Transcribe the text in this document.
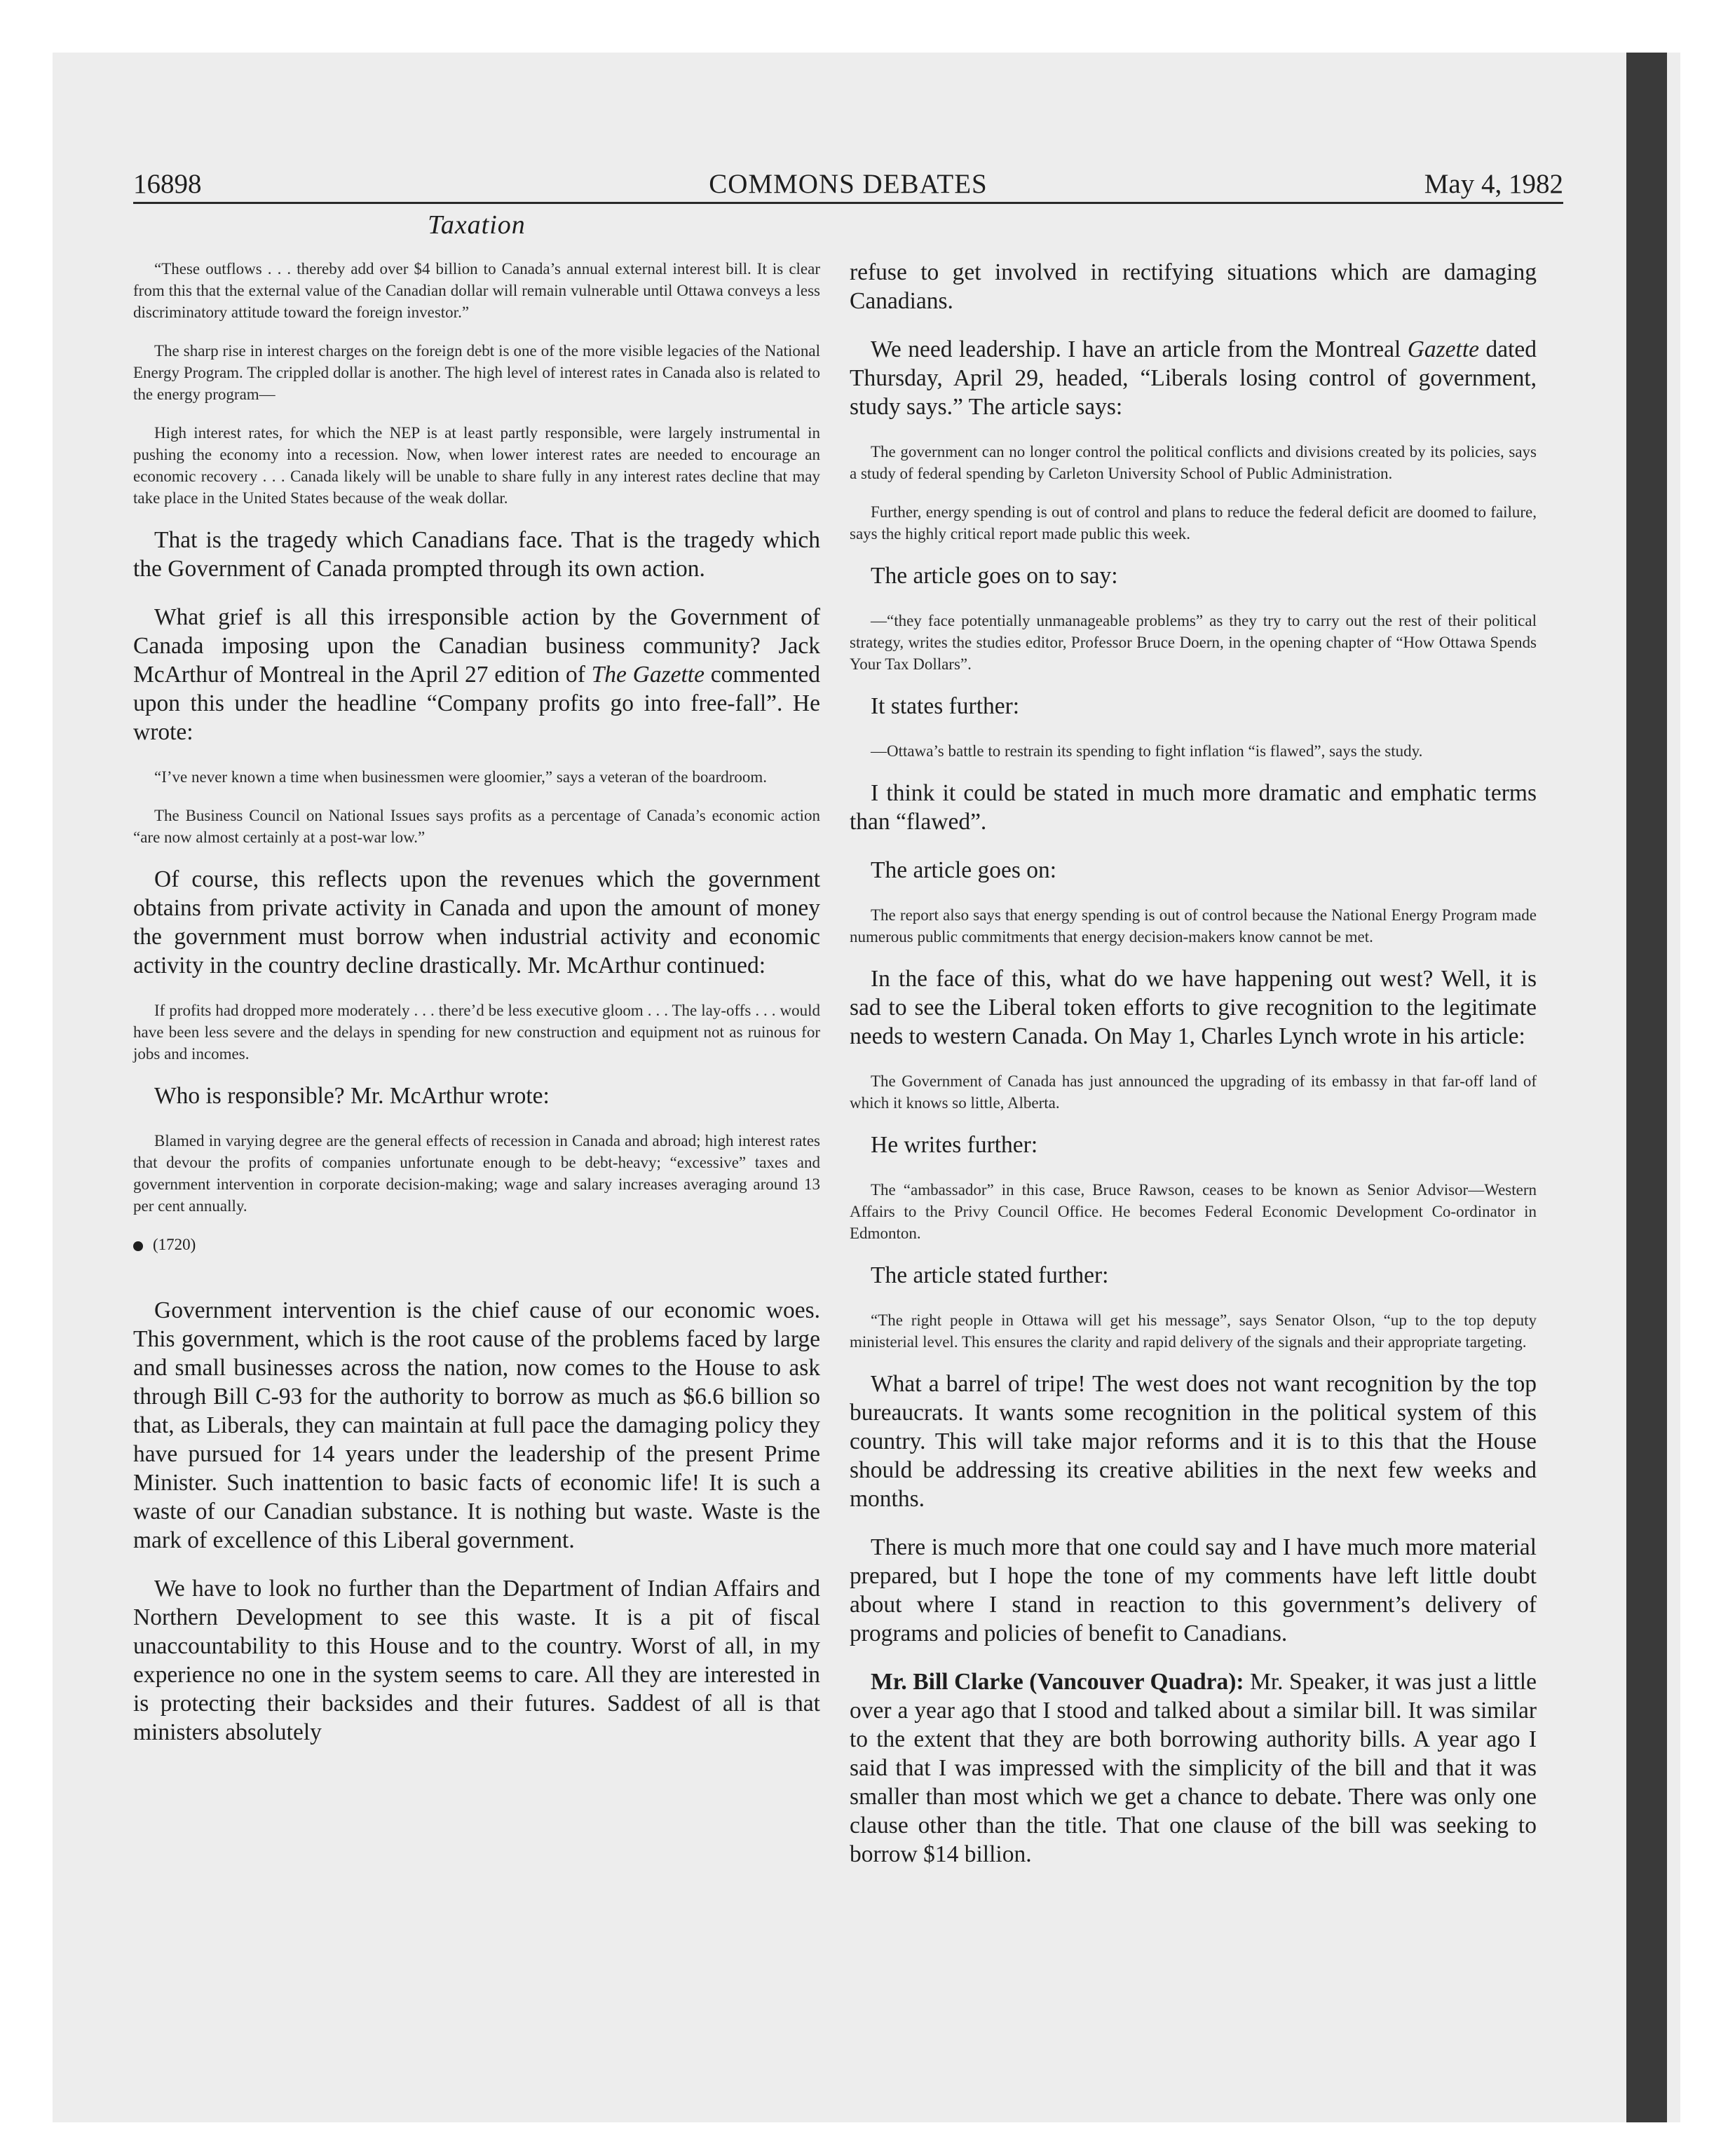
16898	COMMONS DEBATES	May 4, 1982
Taxation

“These outflows . . . thereby add over $4 billion to Canada’s annual external interest bill. It is clear from this that the external value of the Canadian dollar will remain vulnerable until Ottawa conveys a less discriminatory attitude toward the foreign investor.”

The sharp rise in interest charges on the foreign debt is one of the more visible legacies of the National Energy Program. The crippled dollar is another. The high level of interest rates in Canada also is related to the energy program—

High interest rates, for which the NEP is at least partly responsible, were largely instrumental in pushing the economy into a recession. Now, when lower interest rates are needed to encourage an economic recovery . . . Canada likely will be unable to share fully in any interest rates decline that may take place in the United States because of the weak dollar.

That is the tragedy which Canadians face. That is the tragedy which the Government of Canada prompted through its own action.

What grief is all this irresponsible action by the Government of Canada imposing upon the Canadian business community? Jack McArthur of Montreal in the April 27 edition of The Gazette commented upon this under the headline “Company profits go into free-fall”. He wrote:

“I’ve never known a time when businessmen were gloomier,” says a veteran of the boardroom.

The Business Council on National Issues says profits as a percentage of Canada’s economic action “are now almost certainly at a post-war low.”

Of course, this reflects upon the revenues which the government obtains from private activity in Canada and upon the amount of money the government must borrow when industrial activity and economic activity in the country decline drastically. Mr. McArthur continued:

If profits had dropped more moderately . . . there’d be less executive gloom . . . The lay-offs . . . would have been less severe and the delays in spending for new construction and equipment not as ruinous for jobs and incomes.

Who is responsible? Mr. McArthur wrote:

Blamed in varying degree are the general effects of recession in Canada and abroad; high interest rates that devour the profits of companies unfortunate enough to be debt-heavy; “excessive” taxes and government intervention in corporate decision-making; wage and salary increases averaging around 13 per cent annually.

(1720)

Government intervention is the chief cause of our economic woes. This government, which is the root cause of the problems faced by large and small businesses across the nation, now comes to the House to ask through Bill C-93 for the authority to borrow as much as $6.6 billion so that, as Liberals, they can maintain at full pace the damaging policy they have pursued for 14 years under the leadership of the present Prime Minister. Such inattention to basic facts of economic life! It is such a waste of our Canadian substance. It is nothing but waste. Waste is the mark of excellence of this Liberal government.

We have to look no further than the Department of Indian Affairs and Northern Development to see this waste. It is a pit of fiscal unaccountability to this House and to the country. Worst of all, in my experience no one in the system seems to care. All they are interested in is protecting their backsides and their futures. Saddest of all is that ministers absolutely

refuse to get involved in rectifying situations which are damaging Canadians.

We need leadership. I have an article from the Montreal Gazette dated Thursday, April 29, headed, “Liberals losing control of government, study says.” The article says:

The government can no longer control the political conflicts and divisions created by its policies, says a study of federal spending by Carleton University School of Public Administration.

Further, energy spending is out of control and plans to reduce the federal deficit are doomed to failure, says the highly critical report made public this week.

The article goes on to say:

—“they face potentially unmanageable problems” as they try to carry out the rest of their political strategy, writes the studies editor, Professor Bruce Doern, in the opening chapter of “How Ottawa Spends Your Tax Dollars”.

It states further:

—Ottawa’s battle to restrain its spending to fight inflation “is flawed”, says the study.

I think it could be stated in much more dramatic and emphatic terms than “flawed”.

The article goes on:

The report also says that energy spending is out of control because the National Energy Program made numerous public commitments that energy decision-makers know cannot be met.

In the face of this, what do we have happening out west? Well, it is sad to see the Liberal token efforts to give recognition to the legitimate needs to western Canada. On May 1, Charles Lynch wrote in his article:

The Government of Canada has just announced the upgrading of its embassy in that far-off land of which it knows so little, Alberta.

He writes further:

The “ambassador” in this case, Bruce Rawson, ceases to be known as Senior Advisor—Western Affairs to the Privy Council Office. He becomes Federal Economic Development Co-ordinator in Edmonton.

The article stated further:

“The right people in Ottawa will get his message”, says Senator Olson, “up to the top deputy ministerial level. This ensures the clarity and rapid delivery of the signals and their appropriate targeting.

What a barrel of tripe! The west does not want recognition by the top bureaucrats. It wants some recognition in the political system of this country. This will take major reforms and it is to this that the House should be addressing its creative abilities in the next few weeks and months.

There is much more that one could say and I have much more material prepared, but I hope the tone of my comments have left little doubt about where I stand in reaction to this government’s delivery of programs and policies of benefit to Canadians.

Mr. Bill Clarke (Vancouver Quadra): Mr. Speaker, it was just a little over a year ago that I stood and talked about a similar bill. It was similar to the extent that they are both borrowing authority bills. A year ago I said that I was impressed with the simplicity of the bill and that it was smaller than most which we get a chance to debate. There was only one clause other than the title. That one clause of the bill was seeking to borrow $14 billion.
